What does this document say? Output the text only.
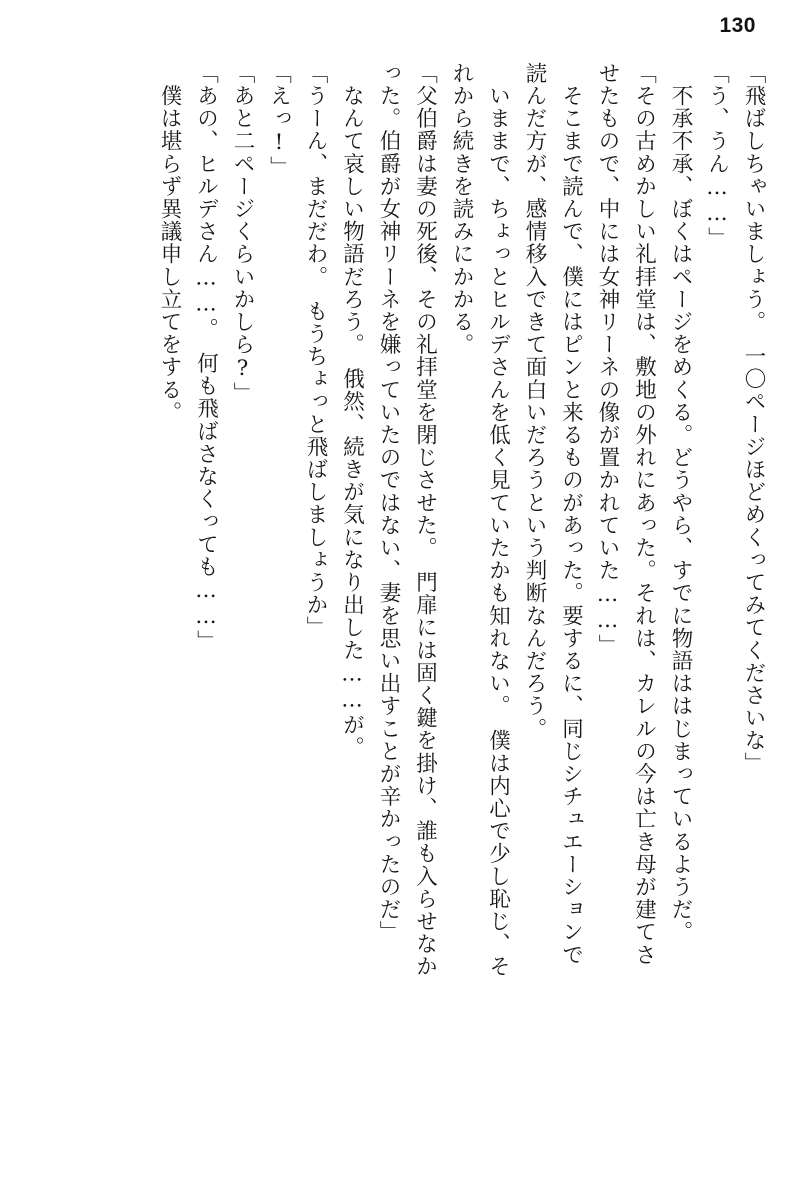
130
「飛ばしちゃいましょう。　一〇ページほどめくってみてくださいな」
「う、うん……」
　不承不承、ぼくはページをめくる。どうやら、すでに物語ははじまっているようだ。
「その古めかしい礼拝堂は、敷地の外れにあった。それは、カレルの今は亡き母が建てさ
せたもので、中には女神リーネの像が置かれていた……」
　そこまで読んで、僕にはピンと来るものがあった。要するに、同じシチュエーションで
読んだ方が、感情移入できて面白いだろうという判断なんだろう。
　いままで、ちょっとヒルデさんを低く見ていたかも知れない。　僕は内心で少し恥じ、そ
れから続きを読みにかかる。
「父伯爵は妻の死後、その礼拝堂を閉じさせた。　門扉には固く鍵を掛け、誰も入らせなか
った。伯爵が女神リーネを嫌っていたのではない、妻を思い出すことが辛かったのだ」
　なんて哀しい物語だろう。　俄然、続きが気になり出した……が。
「うーん、まだだわ。　もうちょっと飛ばしましょうか」
「えっ!」
「あと二ページくらいかしら?」
「あの、ヒルデさん……。　何も飛ばさなくっても……」
　僕は堪らず異議申し立てをする。
